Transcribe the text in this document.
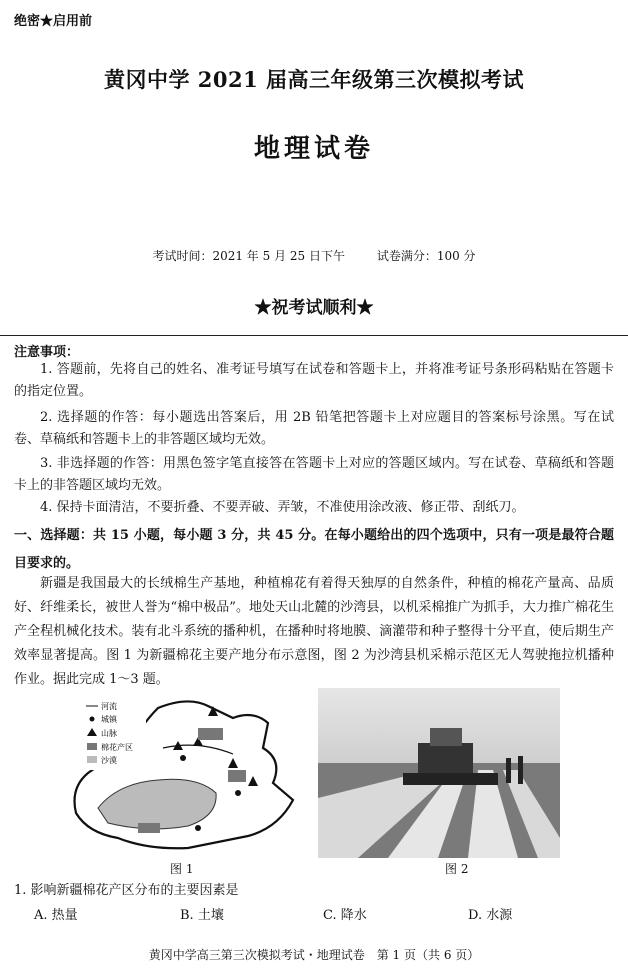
绝密★启用前
黄冈中学 2021 届高三年级第三次模拟考试
地理试卷
考试时间：2021 年 5 月 25 日下午	试卷满分：100 分
★祝考试顺利★
注意事项：
1. 答题前，先将自己的姓名、准考证号填写在试卷和答题卡上，并将准考证号条形码粘贴在答题卡的指定位置。
2. 选择题的作答：每小题选出答案后，用 2B 铅笔把答题卡上对应题目的答案标号涂黑。写在试卷、草稿纸和答题卡上的非答题区域均无效。
3. 非选择题的作答：用黑色签字笔直接答在答题卡上对应的答题区域内。写在试卷、草稿纸和答题卡上的非答题区域均无效。
4. 保持卡面清洁，不要折叠、不要弄破、弄皱，不准使用涂改液、修正带、刮纸刀。
一、选择题：共 15 小题，每小题 3 分，共 45 分。在每小题给出的四个选项中，只有一项是最符合题目要求的。
新疆是我国最大的长绒棉生产基地，种植棉花有着得天独厚的自然条件，种植的棉花产量高、品质好、纤维柔长，被世人誉为“棉中极品”。地处天山北麓的沙湾县，以机采棉推广为抓手，大力推广棉花生产全程机械化技术。装有北斗系统的播种机，在播种时将地膜、滴灌带和种子整得十分平直，使后期生产效率显著提高。图 1 为新疆棉花主要产地分布示意图，图 2 为沙湾县机采棉示范区无人驾驶拖拉机播种作业。据此完成 1～3 题。
河流
城镇
山脉
棉花产区
沙漠
图 1	图 2
1. 影响新疆棉花产区分布的主要因素是
A. 热量	B. 土壤	C. 降水	D. 水源
黄冈中学高三第三次模拟考试・地理试卷　第 1 页（共 6 页）
